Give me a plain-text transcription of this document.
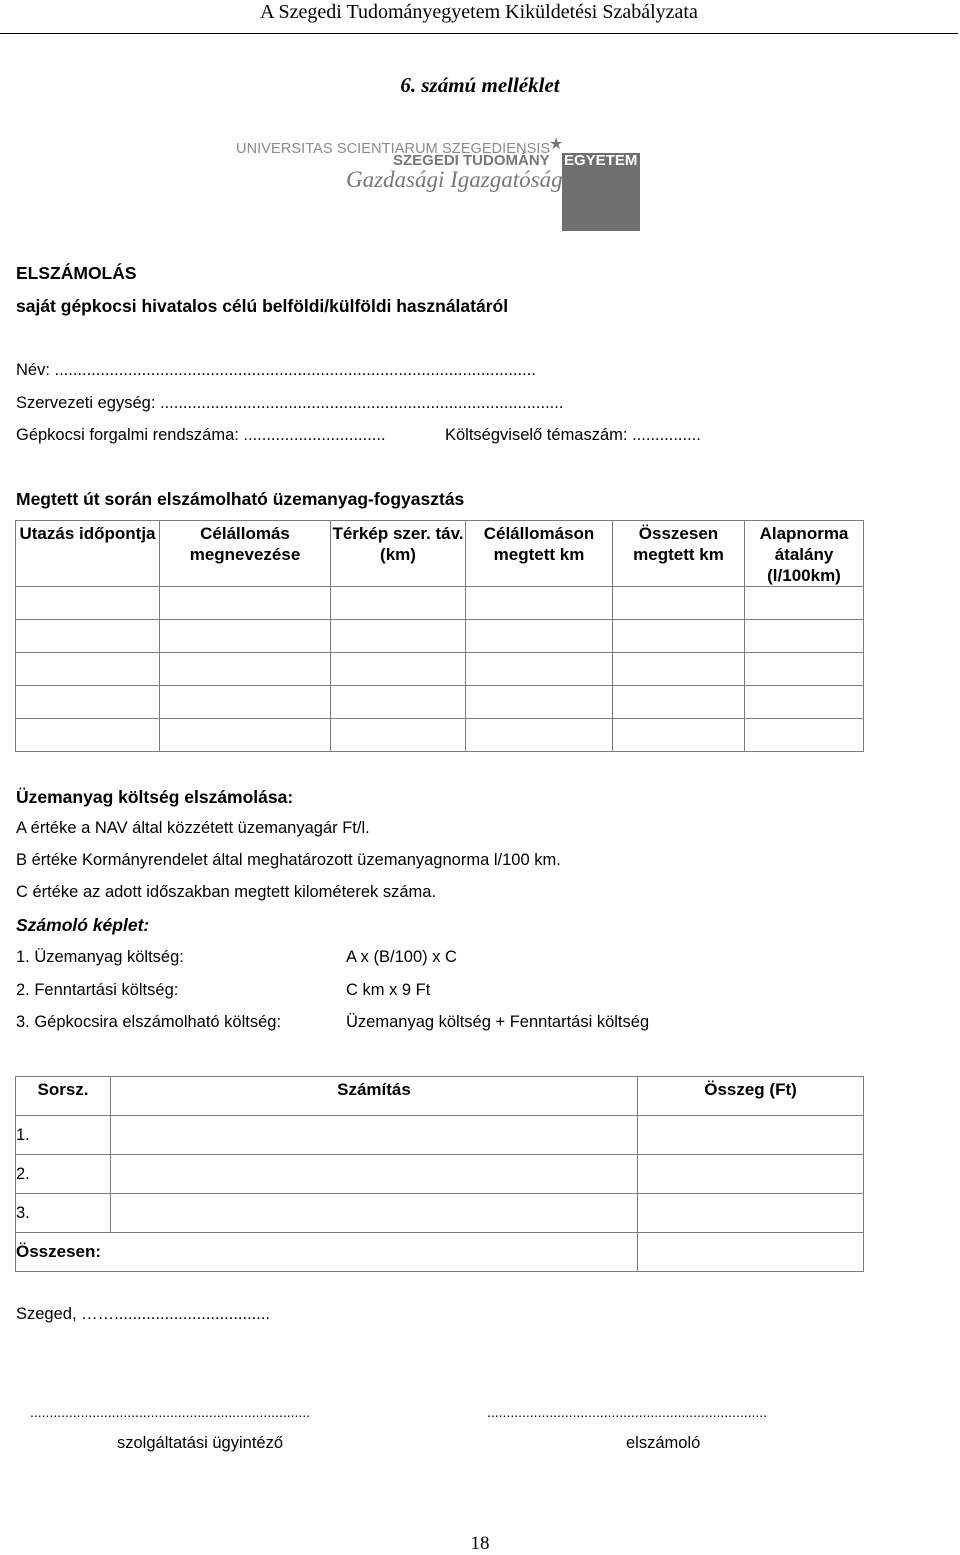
A Szegedi Tudományegyetem Kiküldetési Szabályzata
6. számú melléklet
UNIVERSITAS SCIENTIARUM SZEGEDIENSIS
★
SZEGEDI TUDOMÁNY EGYETEM
Gazdasági Igazgatóság
ELSZÁMOLÁS
saját gépkocsi hivatalos célú belföldi/külföldi használatáról
Név: .........................................................................................................
Szervezeti egység: ........................................................................................
Gépkocsi forgalmi rendszáma: ...............................	Költségviselő témaszám: ...............
Megtett út során elszámolható üzemanyag-fogyasztás
Utazás időpontja	Célállomás megnevezése	Térkép szer. táv. (km)	Célállomáson megtett km	Összesen megtett km	Alapnorma átalány (l/100km)

Üzemanyag költség elszámolása:
A értéke a NAV által közzétett üzemanyagár Ft/l.
B értéke Kormányrendelet által meghatározott üzemanyagnorma l/100 km.
C értéke az adott időszakban megtett kilométerek száma.
Számoló képlet:
1. Üzemanyag költség:	A x (B/100) x C
2. Fenntartási költség:	C km x 9 Ft
3. Gépkocsira elszámolható költség:	Üzemanyag költség + Fenntartási költség
Sorsz.	Számítás	Összeg (Ft)
1.		
2.		
3.		
Összesen:		
Szeged, ……..................................
........................................................................	........................................................................
szolgáltatási ügyintéző	elszámoló
18
